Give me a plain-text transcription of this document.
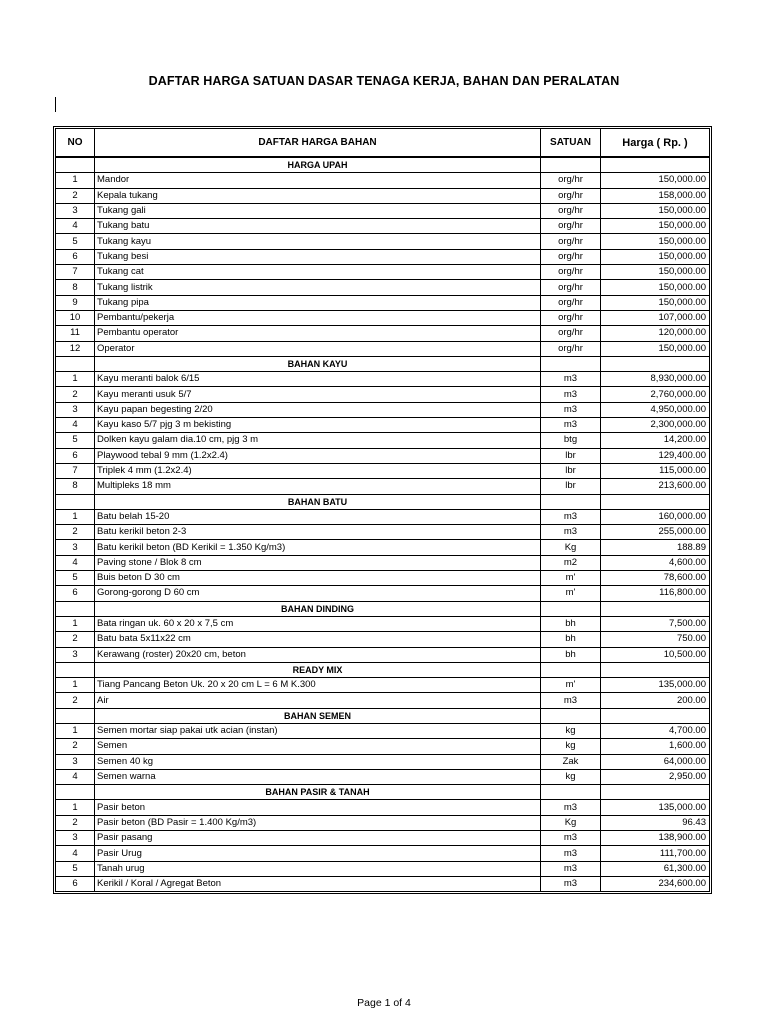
DAFTAR HARGA SATUAN DASAR TENAGA KERJA, BAHAN DAN PERALATAN
NO	DAFTAR HARGA BAHAN	SATUAN	Harga ( Rp. )
	HARGA UPAH		
1	Mandor	org/hr	150,000.00
2	Kepala tukang	org/hr	158,000.00
3	Tukang gali	org/hr	150,000.00
4	Tukang batu	org/hr	150,000.00
5	Tukang kayu	org/hr	150,000.00
6	Tukang besi	org/hr	150,000.00
7	Tukang cat	org/hr	150,000.00
8	Tukang listrik	org/hr	150,000.00
9	Tukang pipa	org/hr	150,000.00
10	Pembantu/pekerja	org/hr	107,000.00
11	Pembantu operator	org/hr	120,000.00
12	Operator	org/hr	150,000.00
	BAHAN KAYU		
1	Kayu meranti balok 6/15	m3	8,930,000.00
2	Kayu meranti usuk 5/7	m3	2,760,000.00
3	Kayu papan begesting 2/20	m3	4,950,000.00
4	Kayu kaso 5/7 pjg 3 m bekisting	m3	2,300,000.00
5	Dolken kayu galam dia.10 cm, pjg 3 m	btg	14,200.00
6	Playwood tebal 9 mm (1.2x2.4)	lbr	129,400.00
7	Triplek 4 mm (1.2x2.4)	lbr	115,000.00
8	Multipleks 18 mm	lbr	213,600.00
	BAHAN BATU		
1	Batu belah 15-20	m3	160,000.00
2	Batu kerikil beton 2-3	m3	255,000.00
3	Batu kerikil beton (BD Kerikil = 1.350 Kg/m3)	Kg	188.89
4	Paving stone / Blok 8 cm	m2	4,600.00
5	Buis beton D 30 cm	m'	78,600.00
6	Gorong-gorong D 60 cm	m'	116,800.00
	BAHAN DINDING		
1	Bata ringan uk. 60 x 20 x 7,5 cm	bh	7,500.00
2	Batu bata 5x11x22 cm	bh	750.00
3	Kerawang (roster) 20x20 cm, beton	bh	10,500.00
	READY MIX		
1	Tiang Pancang Beton Uk. 20 x 20 cm L = 6 M K.300	m'	135,000.00
2	Air	m3	200.00
	BAHAN SEMEN		
1	Semen mortar siap pakai utk acian (instan)	kg	4,700.00
2	Semen	kg	1,600.00
3	Semen 40 kg	Zak	64,000.00
4	Semen warna	kg	2,950.00
	BAHAN PASIR & TANAH		
1	Pasir beton	m3	135,000.00
2	Pasir beton (BD Pasir = 1.400 Kg/m3)	Kg	96.43
3	Pasir pasang	m3	138,900.00
4	Pasir Urug	m3	111,700.00
5	Tanah urug	m3	61,300.00
6	Kerikil / Koral / Agregat Beton	m3	234,600.00
Page 1 of 4
